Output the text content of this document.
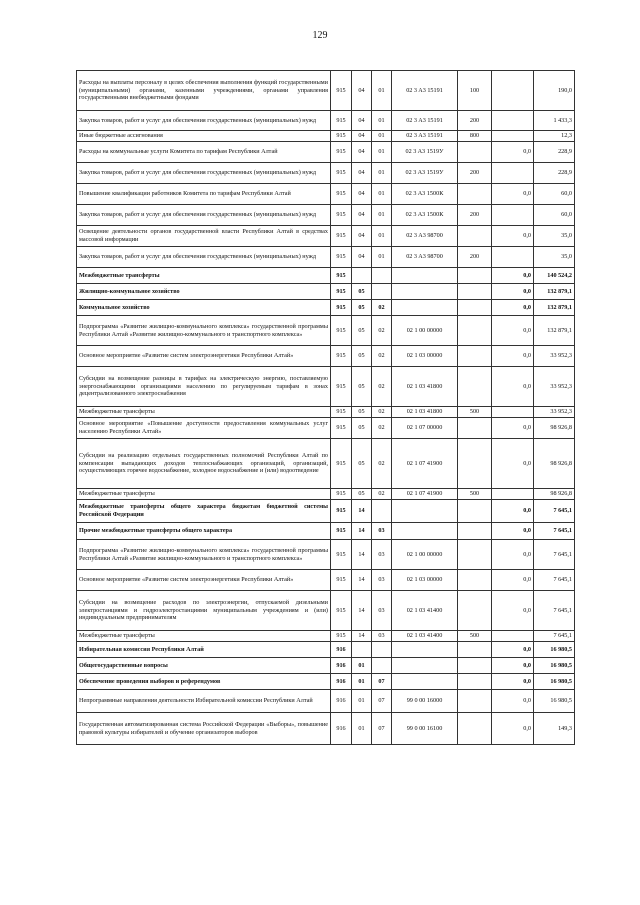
129
Расходы на выплаты персоналу в целях обеспечения выполнения функций государственными (муниципальными) органами, казенными учреждениями, органами управления государственными внебюджетными фондами	915	04	01	02 3 A3 15191	100		190,0
Закупка товаров, работ и услуг для обеспечения государственных (муниципальных) нужд	915	04	01	02 3 A3 15191	200		1 433,3
Иные бюджетные ассигнования	915	04	01	02 3 A3 15191	800		12,3
Расходы на коммунальные услуги Комитета по тарифам Республики Алтай	915	04	01	02 3 A3 1519У		0,0	228,9
Закупка товаров, работ и услуг для обеспечения государственных (муниципальных) нужд	915	04	01	02 3 A3 1519У	200		228,9
Повышение квалификации работников Комитета по тарифам Республики Алтай	915	04	01	02 3 A3 1500К		0,0	60,0
Закупка товаров, работ и услуг для обеспечения государственных (муниципальных) нужд	915	04	01	02 3 A3 1500К	200		60,0
Освещение деятельности органов государственной власти Республики Алтай в средствах массовой информации	915	04	01	02 3 A3 98700		0,0	35,0
Закупка товаров, работ и услуг для обеспечения государственных (муниципальных) нужд	915	04	01	02 3 A3 98700	200		35,0
Межбюджетные трансферты	915					0,0	140 524,2
Жилищно-коммунальное хозяйство	915	05				0,0	132 879,1
Коммунальное хозяйство	915	05	02			0,0	132 879,1
Подпрограмма «Развитие жилищно-коммунального комплекса» государственной программы Республики Алтай «Развитие жилищно-коммунального и транспортного комплекса»	915	05	02	02 1 00 00000		0,0	132 879,1
Основное мероприятие «Развитие систем электроэнергетики Республики Алтай»	915	05	02	02 1 03 00000		0,0	33 952,3
Субсидии на возмещение разницы в тарифах на электрическую энергию, поставляемую энергоснабжающими организациями населению по регулируемым тарифам в зонах децентрализованного электроснабжения	915	05	02	02 1 03 41800		0,0	33 952,3
Межбюджетные трансферты	915	05	02	02 1 03 41800	500		33 952,3
Основное мероприятие «Повышение доступности предоставления коммунальных услуг населению Республики Алтай»	915	05	02	02 1 07 00000		0,0	98 926,8
Субсидии на реализацию отдельных государственных полномочий Республики Алтай по компенсации выпадающих доходов теплоснабжающих организаций, организаций, осуществляющих горячее водоснабжение, холодное водоснабжение и (или) водоотведение	915	05	02	02 1 07 41900		0,0	98 926,8
Межбюджетные трансферты	915	05	02	02 1 07 41900	500		98 926,8
Межбюджетные трансферты общего характера бюджетам бюджетной системы Российской Федерации	915	14				0,0	7 645,1
Прочие межбюджетные трансферты общего характера	915	14	03			0,0	7 645,1
Подпрограмма «Развитие жилищно-коммунального комплекса» государственной программы Республики Алтай «Развитие жилищно-коммунального и транспортного комплекса»	915	14	03	02 1 00 00000		0,0	7 645,1
Основное мероприятие «Развитие систем электроэнергетики Республики Алтай»	915	14	03	02 1 03 00000		0,0	7 645,1
Субсидии на возмещение расходов по электроэнергии, отпускаемой дизельными электростанциями и гидроэлектростанциями муниципальным учреждениям и (или) индивидуальным предпринимателям	915	14	03	02 1 03 41400		0,0	7 645,1
Межбюджетные трансферты	915	14	03	02 1 03 41400	500		7 645,1
Избирательная комиссия Республики Алтай	916					0,0	16 980,5
Общегосударственные вопросы	916	01				0,0	16 980,5
Обеспечение проведения выборов и референдумов	916	01	07			0,0	16 980,5
Непрограммные направления деятельности Избирательной комиссии Республики Алтай	916	01	07	99 0 00 16000		0,0	16 980,5
Государственная автоматизированная система Российской Федерации «Выборы», повышение правовой культуры избирателей и обучение организаторов выборов	916	01	07	99 0 00 16100		0,0	149,3
